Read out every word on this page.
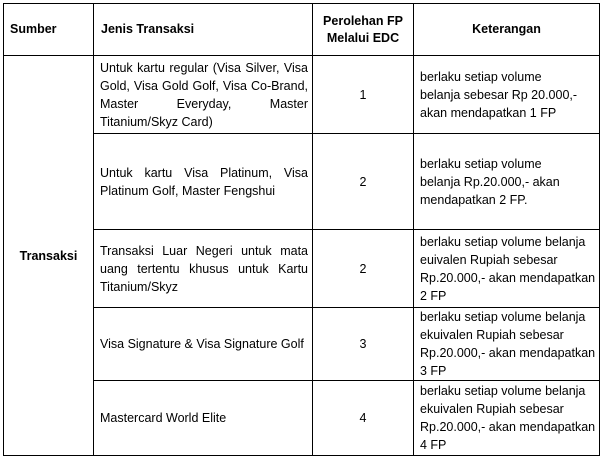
Sumber	Jenis Transaksi	Perolehan FP Melalui EDC	Keterangan
Transaksi	Untuk kartu regular (Visa Silver, Visa Gold, Visa Gold Golf, Visa Co-Brand, Master Everyday, Master Titanium/Skyz Card)	1	berlaku setiap volume
belanja sebesar Rp 20.000,-
akan mendapatkan 1 FP

	Untuk kartu Visa Platinum, Visa Platinum Golf, Master Fengshui	2	berlaku setiap volume
belanja Rp.20.000,- akan
mendapatkan 2 FP.

	Transaksi Luar Negeri untuk mata uang tertentu khusus untuk Kartu Titanium/Skyz	2	berlaku setiap volume belanja
euivalen Rupiah sebesar
Rp.20.000,- akan mendapatkan
2 FP

	Visa Signature & Visa Signature Golf	3	berlaku setiap volume belanja
ekuivalen Rupiah sebesar
Rp.20.000,- akan mendapatkan
3 FP

	Mastercard World Elite	4	berlaku setiap volume belanja
ekuivalen Rupiah sebesar
Rp.20.000,- akan mendapatkan
4 FP
